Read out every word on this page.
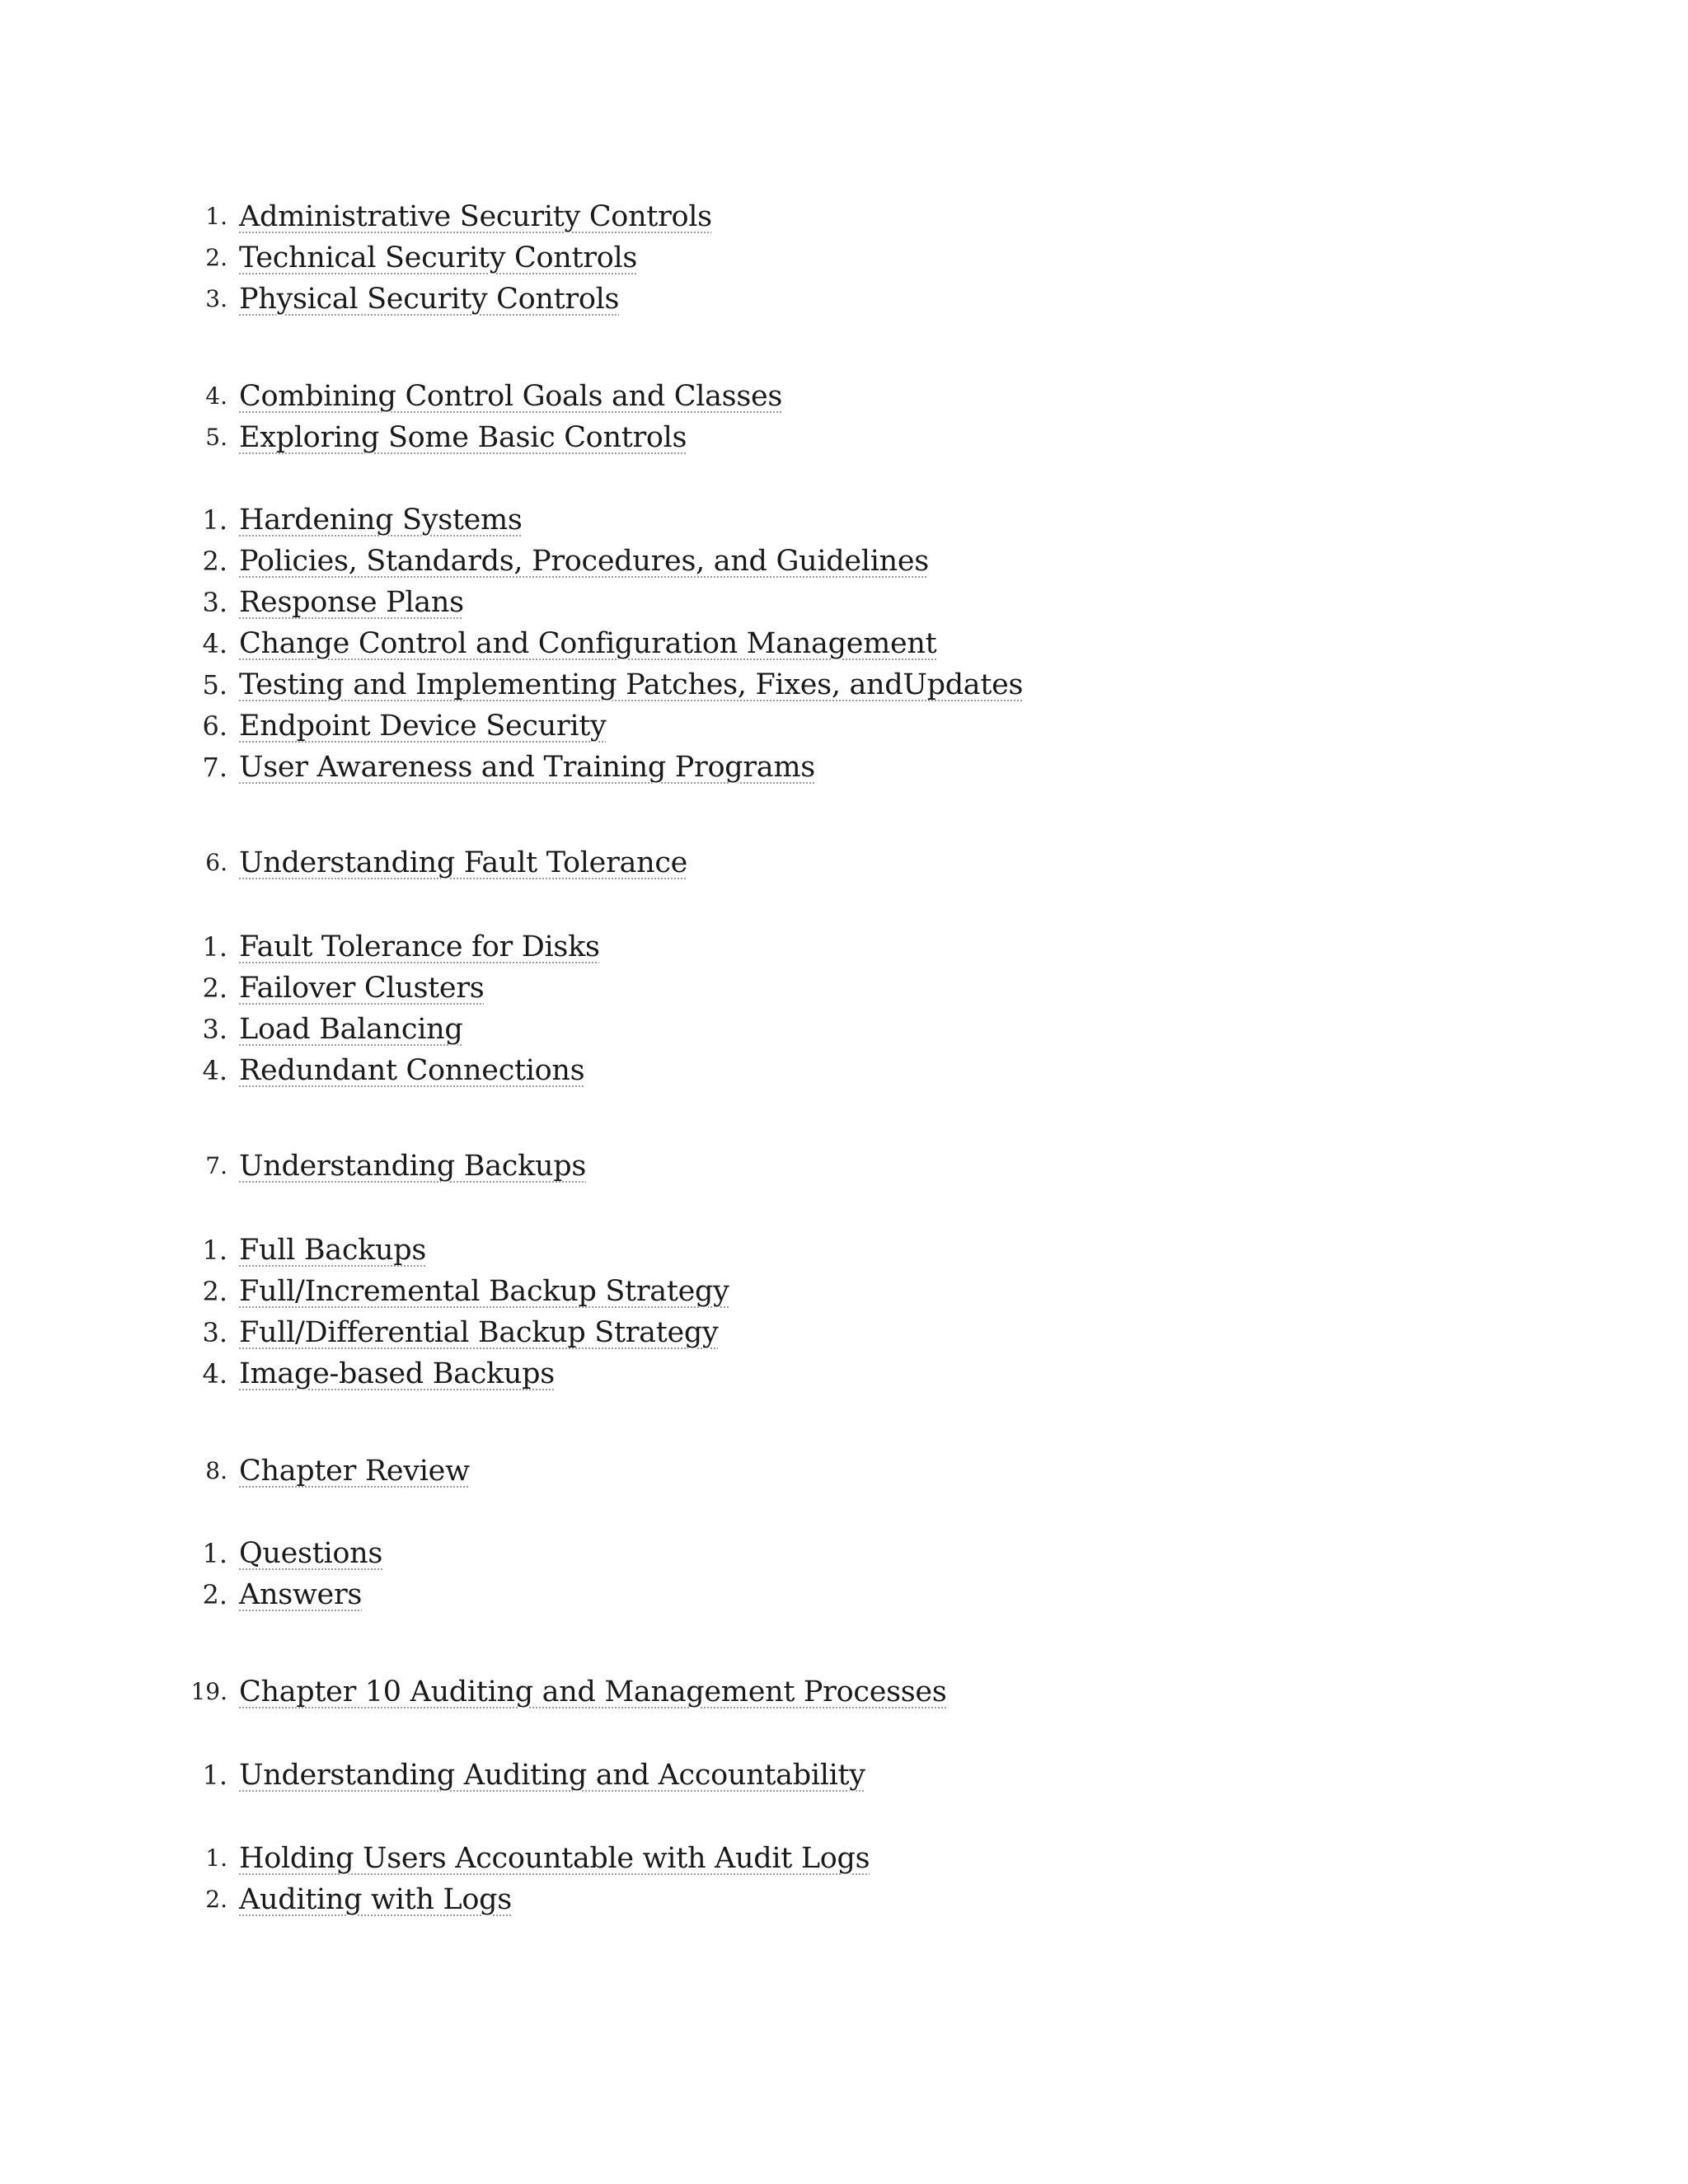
1. Administrative Security Controls
2. Technical Security Controls
3. Physical Security Controls
4. Combining Control Goals and Classes
5. Exploring Some Basic Controls
1. Hardening Systems
2. Policies, Standards, Procedures, and Guidelines
3. Response Plans
4. Change Control and Configuration Management
5. Testing and Implementing Patches, Fixes, andUpdates
6. Endpoint Device Security
7. User Awareness and Training Programs
6. Understanding Fault Tolerance
1. Fault Tolerance for Disks
2. Failover Clusters
3. Load Balancing
4. Redundant Connections
7. Understanding Backups
1. Full Backups
2. Full/Incremental Backup Strategy
3. Full/Differential Backup Strategy
4. Image-based Backups
8. Chapter Review
1. Questions
2. Answers
19. Chapter 10 Auditing and Management Processes
1. Understanding Auditing and Accountability
1. Holding Users Accountable with Audit Logs
2. Auditing with Logs
